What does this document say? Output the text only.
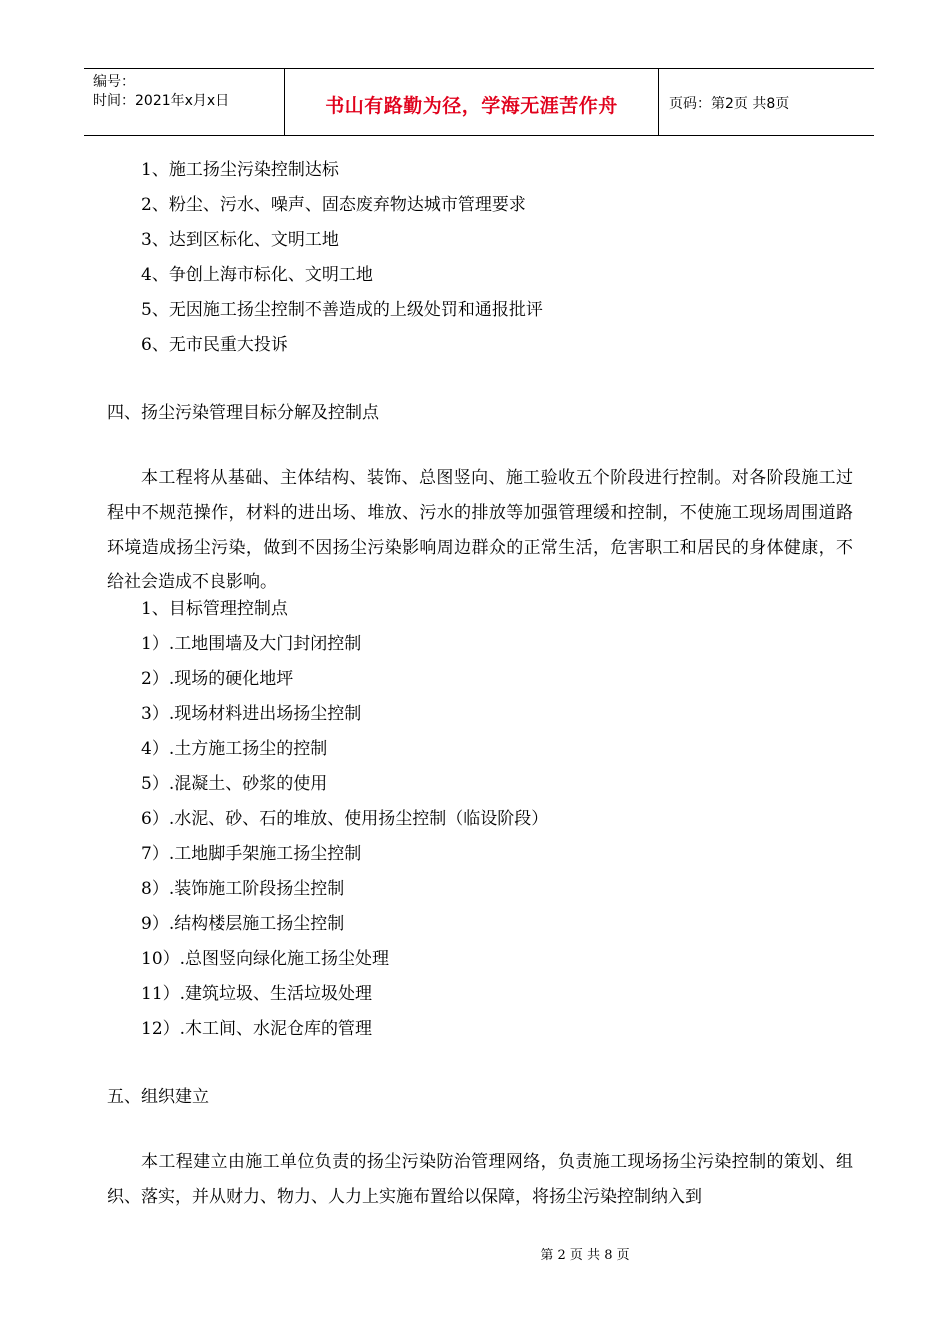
编号：
时间：2021年x月x日	书山有路勤为径，学海无涯苦作舟	页码：第2页 共8页
1、施工扬尘污染控制达标
2、粉尘、污水、噪声、固态废弃物达城市管理要求
3、达到区标化、文明工地
4、争创上海市标化、文明工地
5、无因施工扬尘控制不善造成的上级处罚和通报批评
6、无市民重大投诉
四、扬尘污染管理目标分解及控制点
本工程将从基础、主体结构、装饰、总图竖向、施工验收五个阶段进行控制。对各阶段施工过程中不规范操作，材料的进出场、堆放、污水的排放等加强管理缓和控制，不使施工现场周围道路环境造成扬尘污染，做到不因扬尘污染影响周边群众的正常生活，危害职工和居民的身体健康，不给社会造成不良影响。
1、目标管理控制点
1）.工地围墙及大门封闭控制
2）.现场的硬化地坪
3）.现场材料进出场扬尘控制
4）.土方施工扬尘的控制
5）.混凝土、砂浆的使用
6）.水泥、砂、石的堆放、使用扬尘控制（临设阶段）
7）.工地脚手架施工扬尘控制
8）.装饰施工阶段扬尘控制
9）.结构楼层施工扬尘控制
10）.总图竖向绿化施工扬尘处理
11）.建筑垃圾、生活垃圾处理
12）.木工间、水泥仓库的管理
五、组织建立
本工程建立由施工单位负责的扬尘污染防治管理网络，负责施工现场扬尘污染控制的策划、组织、落实，并从财力、物力、人力上实施布置给以保障，将扬尘污染控制纳入到
第 2 页 共 8 页
